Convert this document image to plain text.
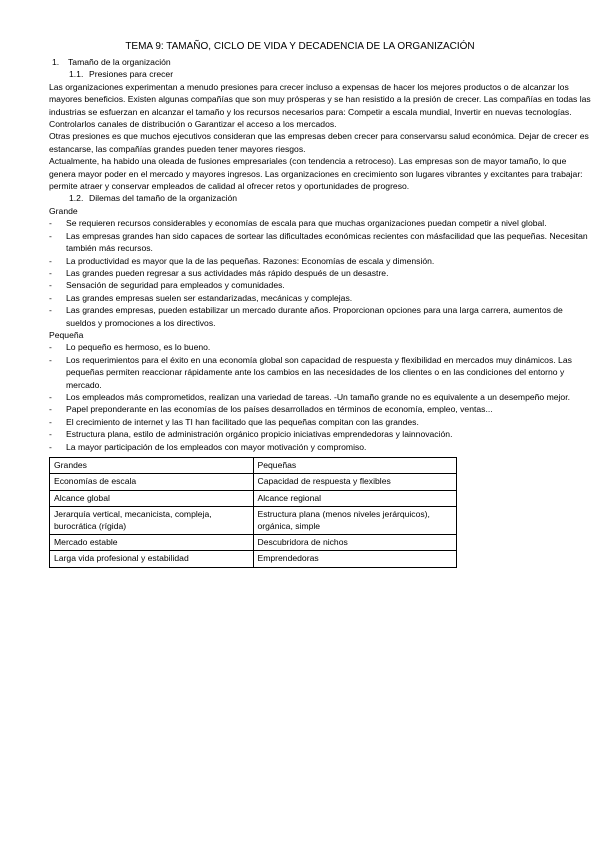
TEMA 9: TAMAÑO, CICLO DE VIDA Y DECADENCIA DE LA ORGANIZACIÓN
1.	Tamaño de la organización
1.1. Presiones para crecer

Las organizaciones experimentan a menudo presiones para crecer incluso a expensas de hacer los mejores productos o de alcanzar los mayores beneficios. Existen algunas compañías que son muy prósperas y se han resistido a la presión de crecer. Las compañías en todas las industrias se esfuerzan en alcanzar el tamaño y los recursos necesarios para: Competir a escala mundial, Invertir en nuevas tecnologías. Controlarlos canales de distribución o Garantizar el acceso a los mercados.

Otras presiones es que muchos ejecutivos consideran que las empresas deben crecer para conservarsu salud económica. Dejar de crecer es estancarse, las compañías grandes pueden tener mayores riesgos.

Actualmente, ha habido una oleada de fusiones empresariales (con tendencia a retroceso). Las empresas son de mayor tamaño, lo que genera mayor poder en el mercado y mayores ingresos. Las organizaciones en crecimiento son lugares vibrantes y excitantes para trabajar: permite atraer y conservar empleados de calidad al ofrecer retos y oportunidades de progreso.

1.2. Dilemas del tamaño de la organización
Grande
- Se requieren recursos considerables y economías de escala para que muchas organizaciones puedan competir a nivel global.
- Las empresas grandes han sido capaces de sortear las dificultades económicas recientes con másfacilidad que las pequeñas. Necesitan también más recursos.
- La productividad es mayor que la de las pequeñas. Razones: Economías de escala y dimensión.
- Las grandes pueden regresar a sus actividades más rápido después de un desastre.
- Sensación de seguridad para empleados y comunidades.
- Las grandes empresas suelen ser estandarizadas, mecánicas y complejas.
- Las grandes empresas, pueden estabilizar un mercado durante años. Proporcionan opciones para una larga carrera, aumentos de sueldos y promociones a los directivos.
Pequeña
- Lo pequeño es hermoso, es lo bueno.
- Los requerimientos para el éxito en una economía global son capacidad de respuesta y flexibilidad en mercados muy dinámicos. Las pequeñas permiten reaccionar rápidamente ante los cambios en las necesidades de los clientes o en las condiciones del entorno y mercado.
- Los empleados más comprometidos, realizan una variedad de tareas. -Un tamaño grande no es equivalente a un desempeño mejor.
- Papel preponderante en las economías de los países desarrollados en términos de economía, empleo, ventas...
- El crecimiento de internet y las TI han facilitado que las pequeñas compitan con las grandes.
- Estructura plana, estilo de administración orgánico propicio iniciativas emprendedoras y lainnovación.
- La mayor participación de los empleados con mayor motivación y compromiso.
Grandes	Pequeñas
Economías de escala	Capacidad de respuesta y flexibles
Alcance global	Alcance regional
Jerarquía vertical, mecanicista, compleja, burocrática (rígida)	Estructura plana (menos niveles jerárquicos), orgánica, simple
Mercado estable	Descubridora de nichos
Larga vida profesional y estabilidad	Emprendedoras
